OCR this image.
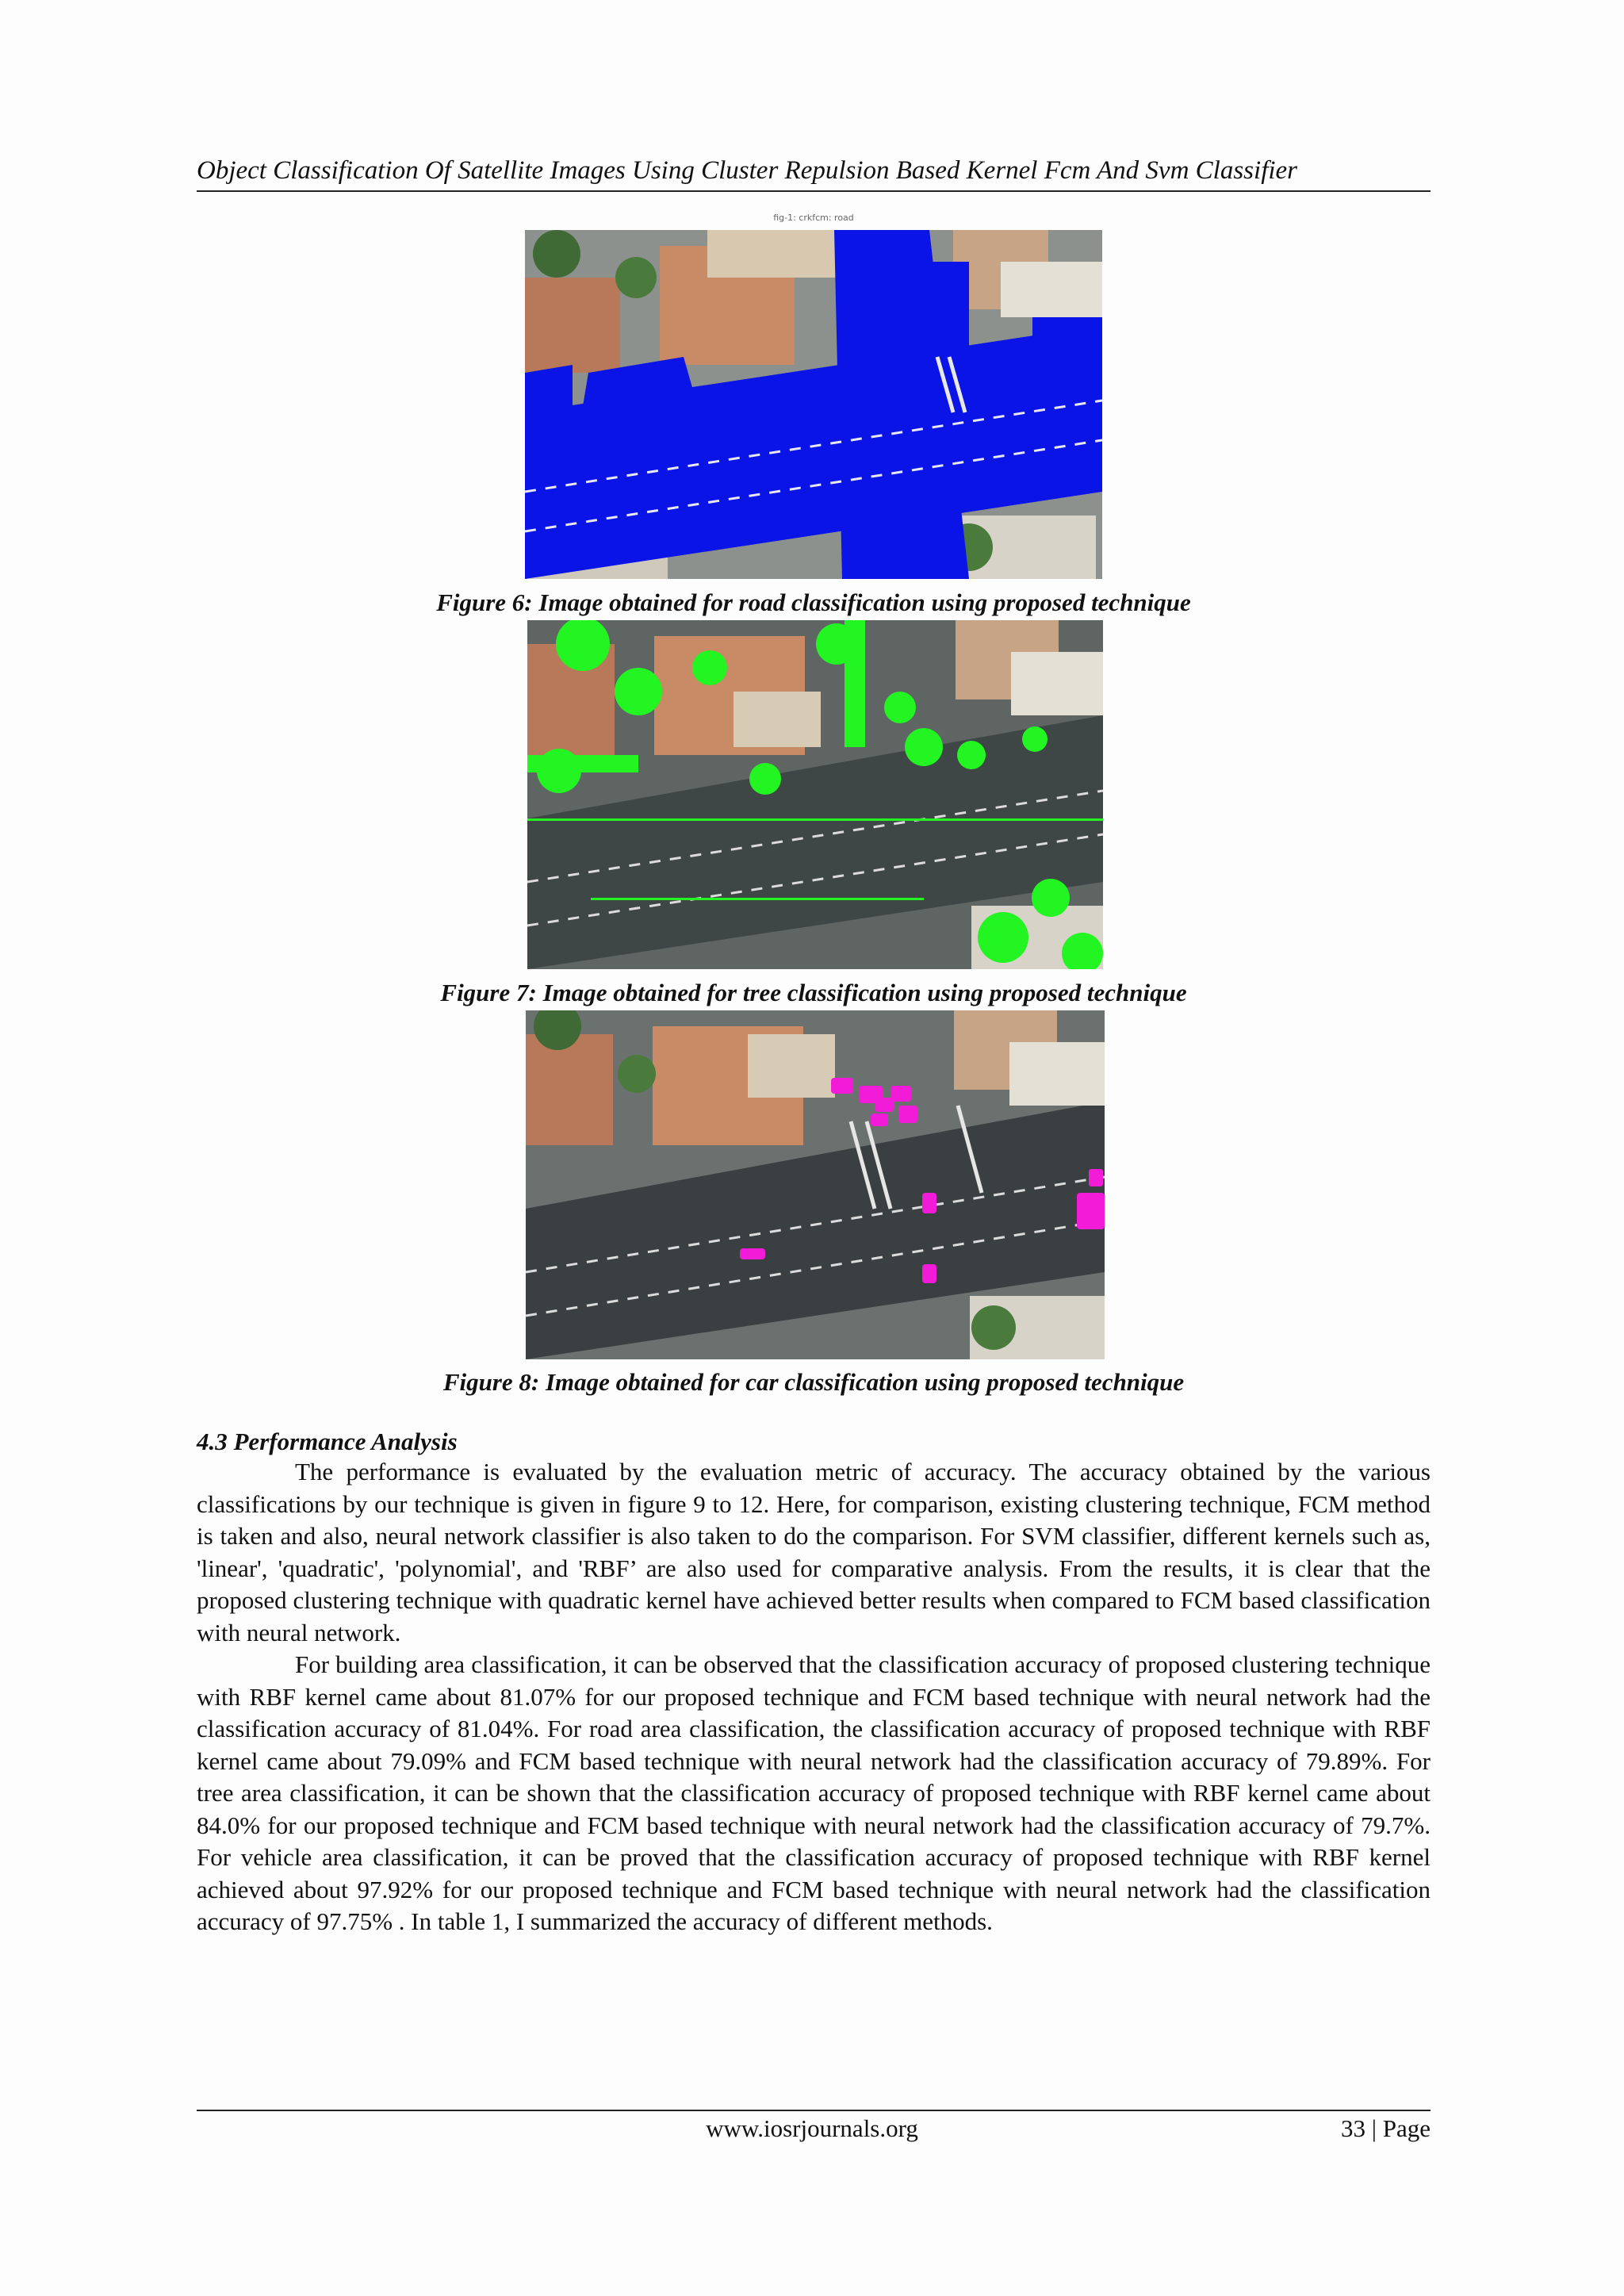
Object Classification Of Satellite Images Using Cluster Repulsion Based Kernel Fcm And Svm Classifier
fig-1: crkfcm: road
Figure 6: Image obtained for road classification using proposed technique
Figure 7: Image obtained for tree classification using proposed technique
Figure 8: Image obtained for car classification using proposed technique
4.3 Performance Analysis

The performance is evaluated by the evaluation metric of accuracy. The accuracy obtained by the various classifications by our technique is given in figure 9 to 12. Here, for comparison, existing clustering technique, FCM method is taken and also, neural network classifier is also taken to do the comparison. For SVM classifier, different kernels such as, 'linear', 'quadratic', 'polynomial', and 'RBF’ are also used for comparative analysis. From the results, it is clear that the proposed clustering technique with quadratic kernel have achieved better results when compared to FCM based classification with neural network.

For building area classification, it can be observed that the classification accuracy of proposed clustering technique with RBF kernel came about 81.07% for our proposed technique and FCM based technique with neural network had the classification accuracy of 81.04%. For road area classification, the classification accuracy of proposed technique with RBF kernel came about 79.09% and FCM based technique with neural network had the classification accuracy of 79.89%. For tree area classification, it can be shown that the classification accuracy of proposed technique with RBF kernel came about 84.0% for our proposed technique and FCM based technique with neural network had the classification accuracy of 79.7%. For vehicle area classification, it can be proved that the classification accuracy of proposed technique with RBF kernel achieved about 97.92% for our proposed technique and FCM based technique with neural network had the classification accuracy of 97.75% . In table 1, I summarized the accuracy of different methods.

www.iosrjournals.org	33 | Page
